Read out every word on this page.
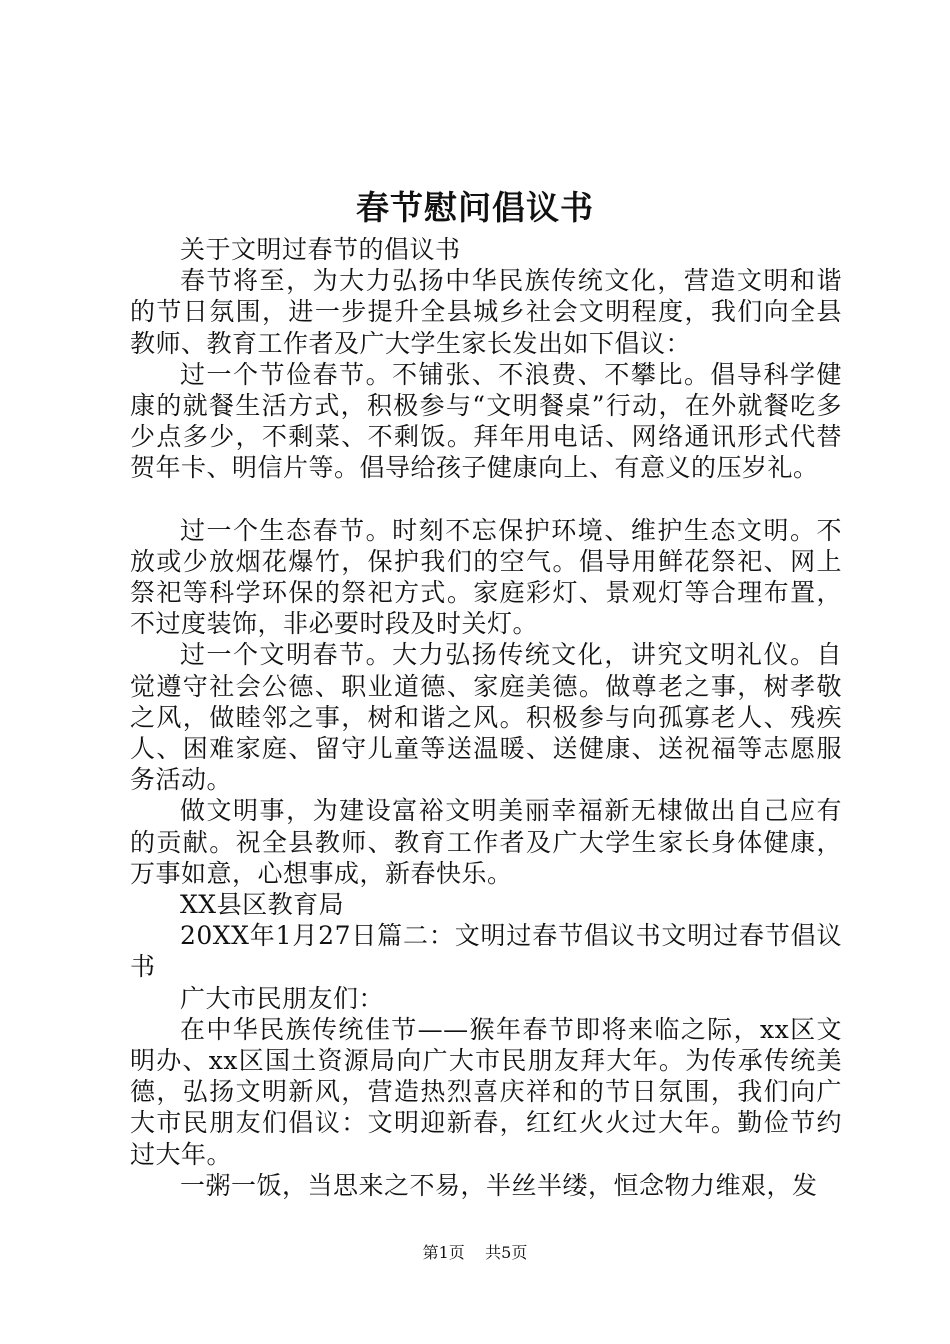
春节慰问倡议书

关于文明过春节的倡议书

春节将至，为大力弘扬中华民族传统文化，营造文明和谐的节日氛围，进一步提升全县城乡社会文明程度，我们向全县教师、教育工作者及广大学生家长发出如下倡议：

过一个节俭春节。不铺张、不浪费、不攀比。倡导科学健康的就餐生活方式，积极参与“文明餐桌”行动，在外就餐吃多少点多少，不剩菜、不剩饭。拜年用电话、网络通讯形式代替贺年卡、明信片等。倡导给孩子健康向上、有意义的压岁礼。

过一个生态春节。时刻不忘保护环境、维护生态文明。不放或少放烟花爆竹，保护我们的空气。倡导用鲜花祭祀、网上祭祀等科学环保的祭祀方式。家庭彩灯、景观灯等合理布置，不过度装饰，非必要时段及时关灯。

过一个文明春节。大力弘扬传统文化，讲究文明礼仪。自觉遵守社会公德、职业道德、家庭美德。做尊老之事，树孝敬之风，做睦邻之事，树和谐之风。积极参与向孤寡老人、残疾人、困难家庭、留守儿童等送温暖、送健康、送祝福等志愿服务活动。

做文明事，为建设富裕文明美丽幸福新无棣做出自己应有的贡献。祝全县教师、教育工作者及广大学生家长身体健康，万事如意，心想事成，新春快乐。

XX县区教育局

20XX年1月27日篇二：文明过春节倡议书文明过春节倡议书

广大市民朋友们：

在中华民族传统佳节——猴年春节即将来临之际，xx区文明办、xx区国土资源局向广大市民朋友拜大年。为传承传统美德，弘扬文明新风，营造热烈喜庆祥和的节日氛围，我们向广大市民朋友们倡议：文明迎新春，红红火火过大年。勤俭节约过大年。

一粥一饭，当思来之不易，半丝半缕，恒念物力维艰，发

第1页 共5页
